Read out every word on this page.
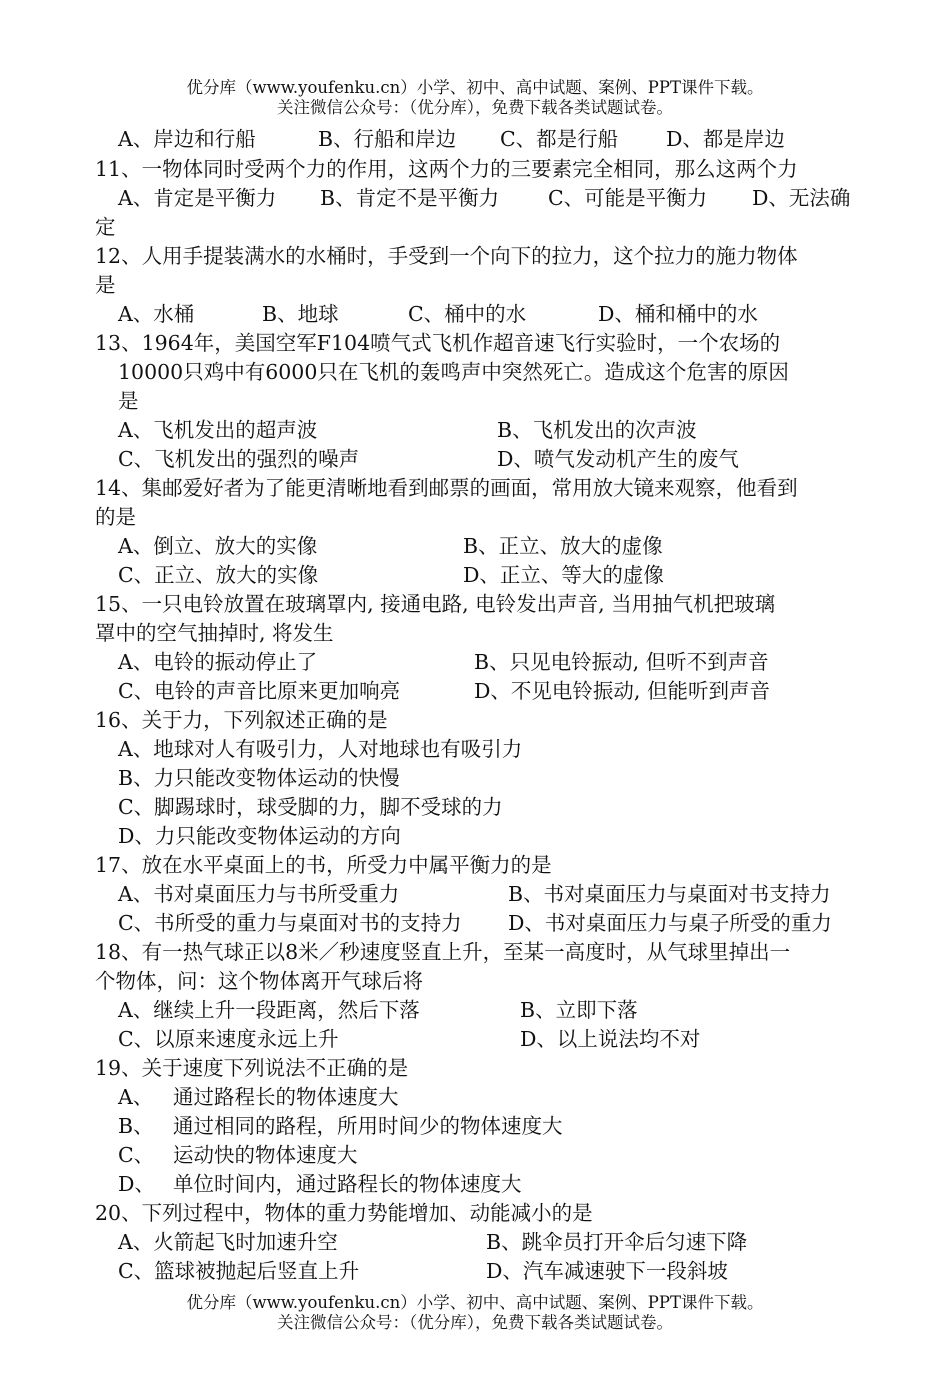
优分库（www.youfenku.cn）小学、初中、高中试题、案例、PPT课件下载。
关注微信公众号：（优分库），免费下载各类试题试卷。
A、岸边和行船	B、行船和岸边 C、都是行船 D、都是岸边
11、一物体同时受两个力的作用，这两个力的三要素完全相同，那么这两个力
A、肯定是平衡力 B、肯定不是平衡力 C、可能是平衡力 D、无法确
定
12、人用手提装满水的水桶时，手受到一个向下的拉力，这个拉力的施力物体
是
A、水桶	B、地球	C、桶中的水	D、桶和桶中的水
13、1964年，美国空军F104喷气式飞机作超音速飞行实验时，一个农场的
10000只鸡中有6000只在飞机的轰鸣声中突然死亡。造成这个危害的原因
是
A、飞机发出的超声波	B、飞机发出的次声波
C、飞机发出的强烈的噪声	D、喷气发动机产生的废气
14、集邮爱好者为了能更清晰地看到邮票的画面，常用放大镜来观察，他看到
的是
A、倒立、放大的实像	B、正立、放大的虚像
C、正立、放大的实像	D、正立、等大的虚像
15、一只电铃放置在玻璃罩内, 接通电路, 电铃发出声音, 当用抽气机把玻璃
罩中的空气抽掉时, 将发生
A、电铃的振动停止了	B、只见电铃振动, 但听不到声音
C、电铃的声音比原来更加响亮	D、不见电铃振动, 但能听到声音
16、关于力，下列叙述正确的是
A、地球对人有吸引力，人对地球也有吸引力
B、力只能改变物体运动的快慢
C、脚踢球时，球受脚的力，脚不受球的力
D、力只能改变物体运动的方向
17、放在水平桌面上的书，所受力中属平衡力的是
A、书对桌面压力与书所受重力	B、书对桌面压力与桌面对书支持力
C、书所受的重力与桌面对书的支持力 D、书对桌面压力与桌子所受的重力
18、有一热气球正以8米／秒速度竖直上升，至某一高度时，从气球里掉出一
个物体，问：这个物体离开气球后将
A、继续上升一段距离，然后下落	B、立即下落
C、以原来速度永远上升	D、以上说法均不对
19、关于速度下列说法不正确的是
A、 通过路程长的物体速度大
B、 通过相同的路程，所用时间少的物体速度大
C、 运动快的物体速度大
D、 单位时间内，通过路程长的物体速度大
20、下列过程中，物体的重力势能增加、动能减小的是
A、火箭起飞时加速升空	B、跳伞员打开伞后匀速下降
C、篮球被抛起后竖直上升	D、汽车减速驶下一段斜坡
优分库（www.youfenku.cn）小学、初中、高中试题、案例、PPT课件下载。
关注微信公众号：（优分库），免费下载各类试题试卷。
